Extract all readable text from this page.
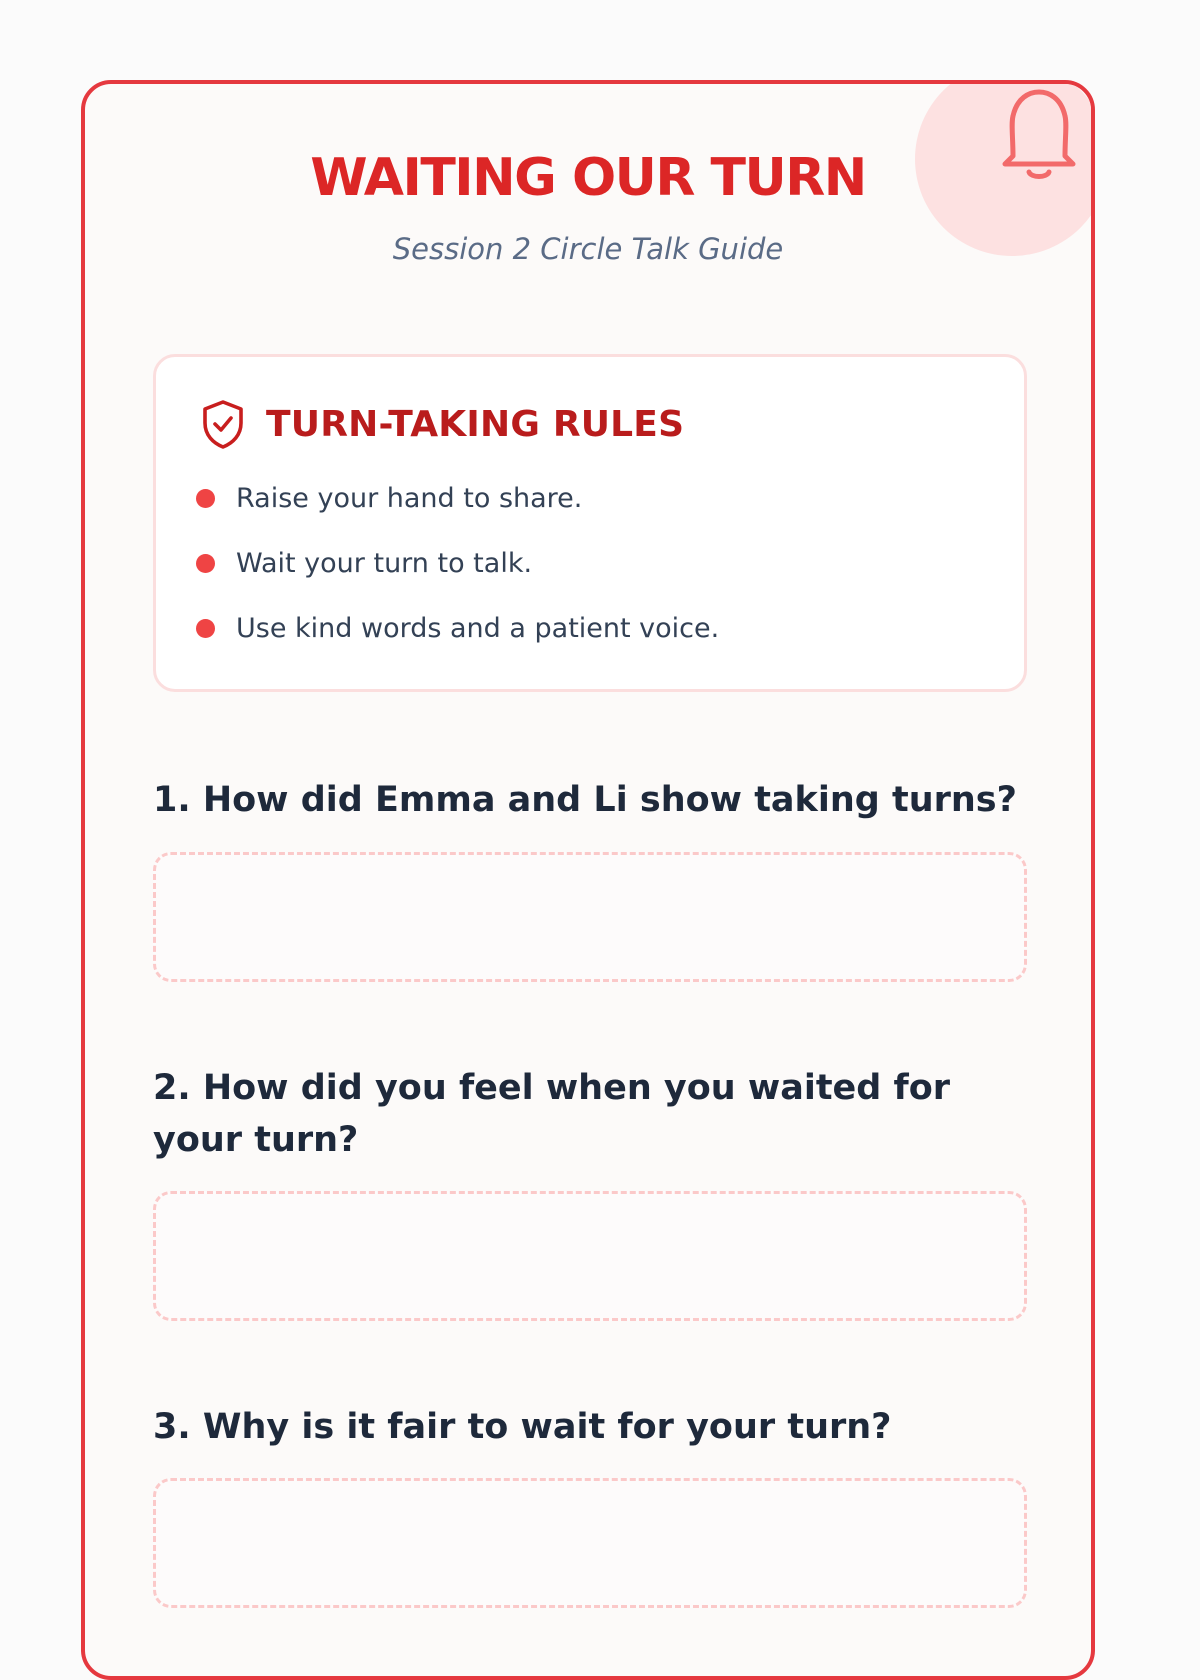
WAITING OUR TURN

Session 2 Circle Talk Guide

TURN-TAKING RULES
Raise your hand to share.
Wait your turn to talk.
Use kind words and a patient voice.

1. How did Emma and Li show taking turns?

2. How did you feel when you waited for your turn?

3. Why is it fair to wait for your turn?
